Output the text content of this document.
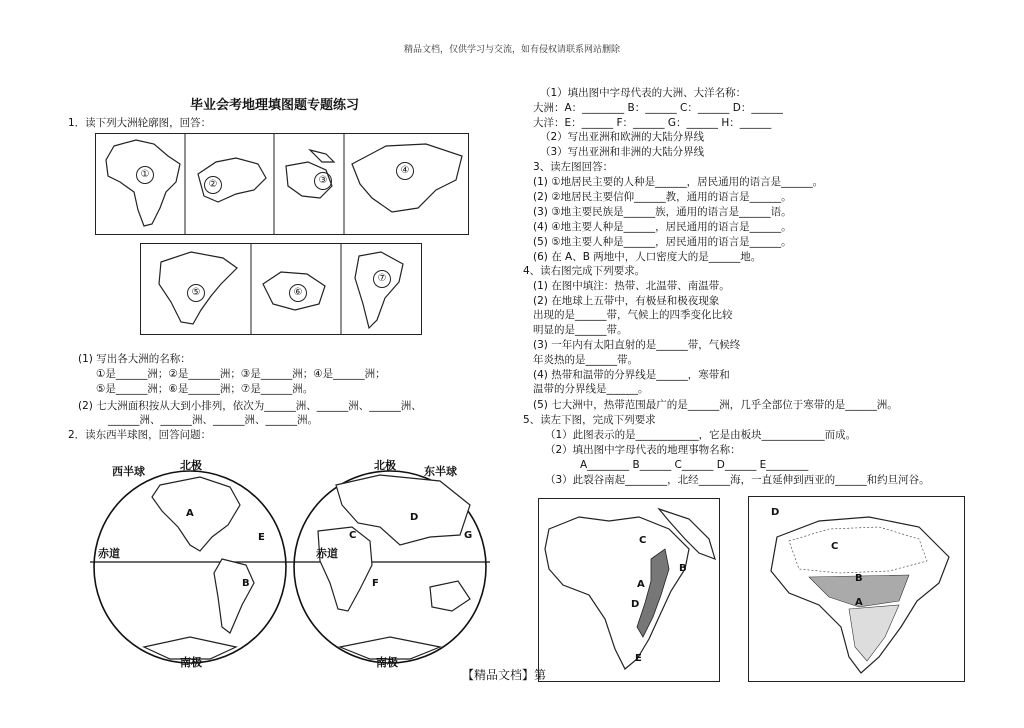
精品文档，仅供学习与交流，如有侵权请联系网站删除
毕业会考地理填图题专题练习
1．读下列大洲轮廓图，回答：
①
②	③
④
⑤	⑥
⑦
(1) 写出各大洲的名称：
①是______洲；②是______洲；③是______洲；④是______洲；
⑤是______洲；⑥是______洲；⑦是______洲。
(2) 七大洲面积按从大到小排列，依次为______洲、______洲、______洲、
______洲、______洲、______洲、______洲。
2．读东西半球图，回答问题：
西半球	北极	北极	东半球
赤道	赤道
南极	南极
A
B
C
D
E
F
G
（1）填出图中字母代表的大洲、大洋名称：
大洲：A：________ B：______ C：______ D：______
大洋：E：______ F：______ G：______ H：______
（2）写出亚洲和欧洲的大陆分界线
（3）写出亚洲和非洲的大陆分界线
3、读左图回答：
(1) ①地居民主要的人种是______，居民通用的语言是______。
(2) ②地居民主要信仰______教，通用的语言是______。
(3) ③地主要民族是______族，通用的语言是______语。
(4) ④地主要人种是______，居民通用的语言是______。
(5) ⑤地主要人种是______，居民通用的语言是______。
(6) 在 A、B 两地中，人口密度大的是______地。
4、读右图完成下列要求。
(1) 在图中填注：热带、北温带、南温带。
(2) 在地球上五带中，有极昼和极夜现象
出现的是______带，气候上的四季变化比较
明显的是______带。
(3) 一年内有太阳直射的是______带，气候终
年炎热的是______带。
(4) 热带和温带的分界线是______，寒带和
温带的分界线是______。
(5) 七大洲中，热带范围最广的是______洲，几乎全部位于寒带的是______洲。
5、读左下图，完成下列要求
（1）此图表示的是____________，它是由板块____________而成。
（2）填出图中字母代表的地理事物名称：
A________ B______ C______ D______ E________
（3）此裂谷南起________，北经______海，一直延伸到西亚的______和约旦河谷。
C
B
A
D
E
D
C
B
A
【精品文档】第
